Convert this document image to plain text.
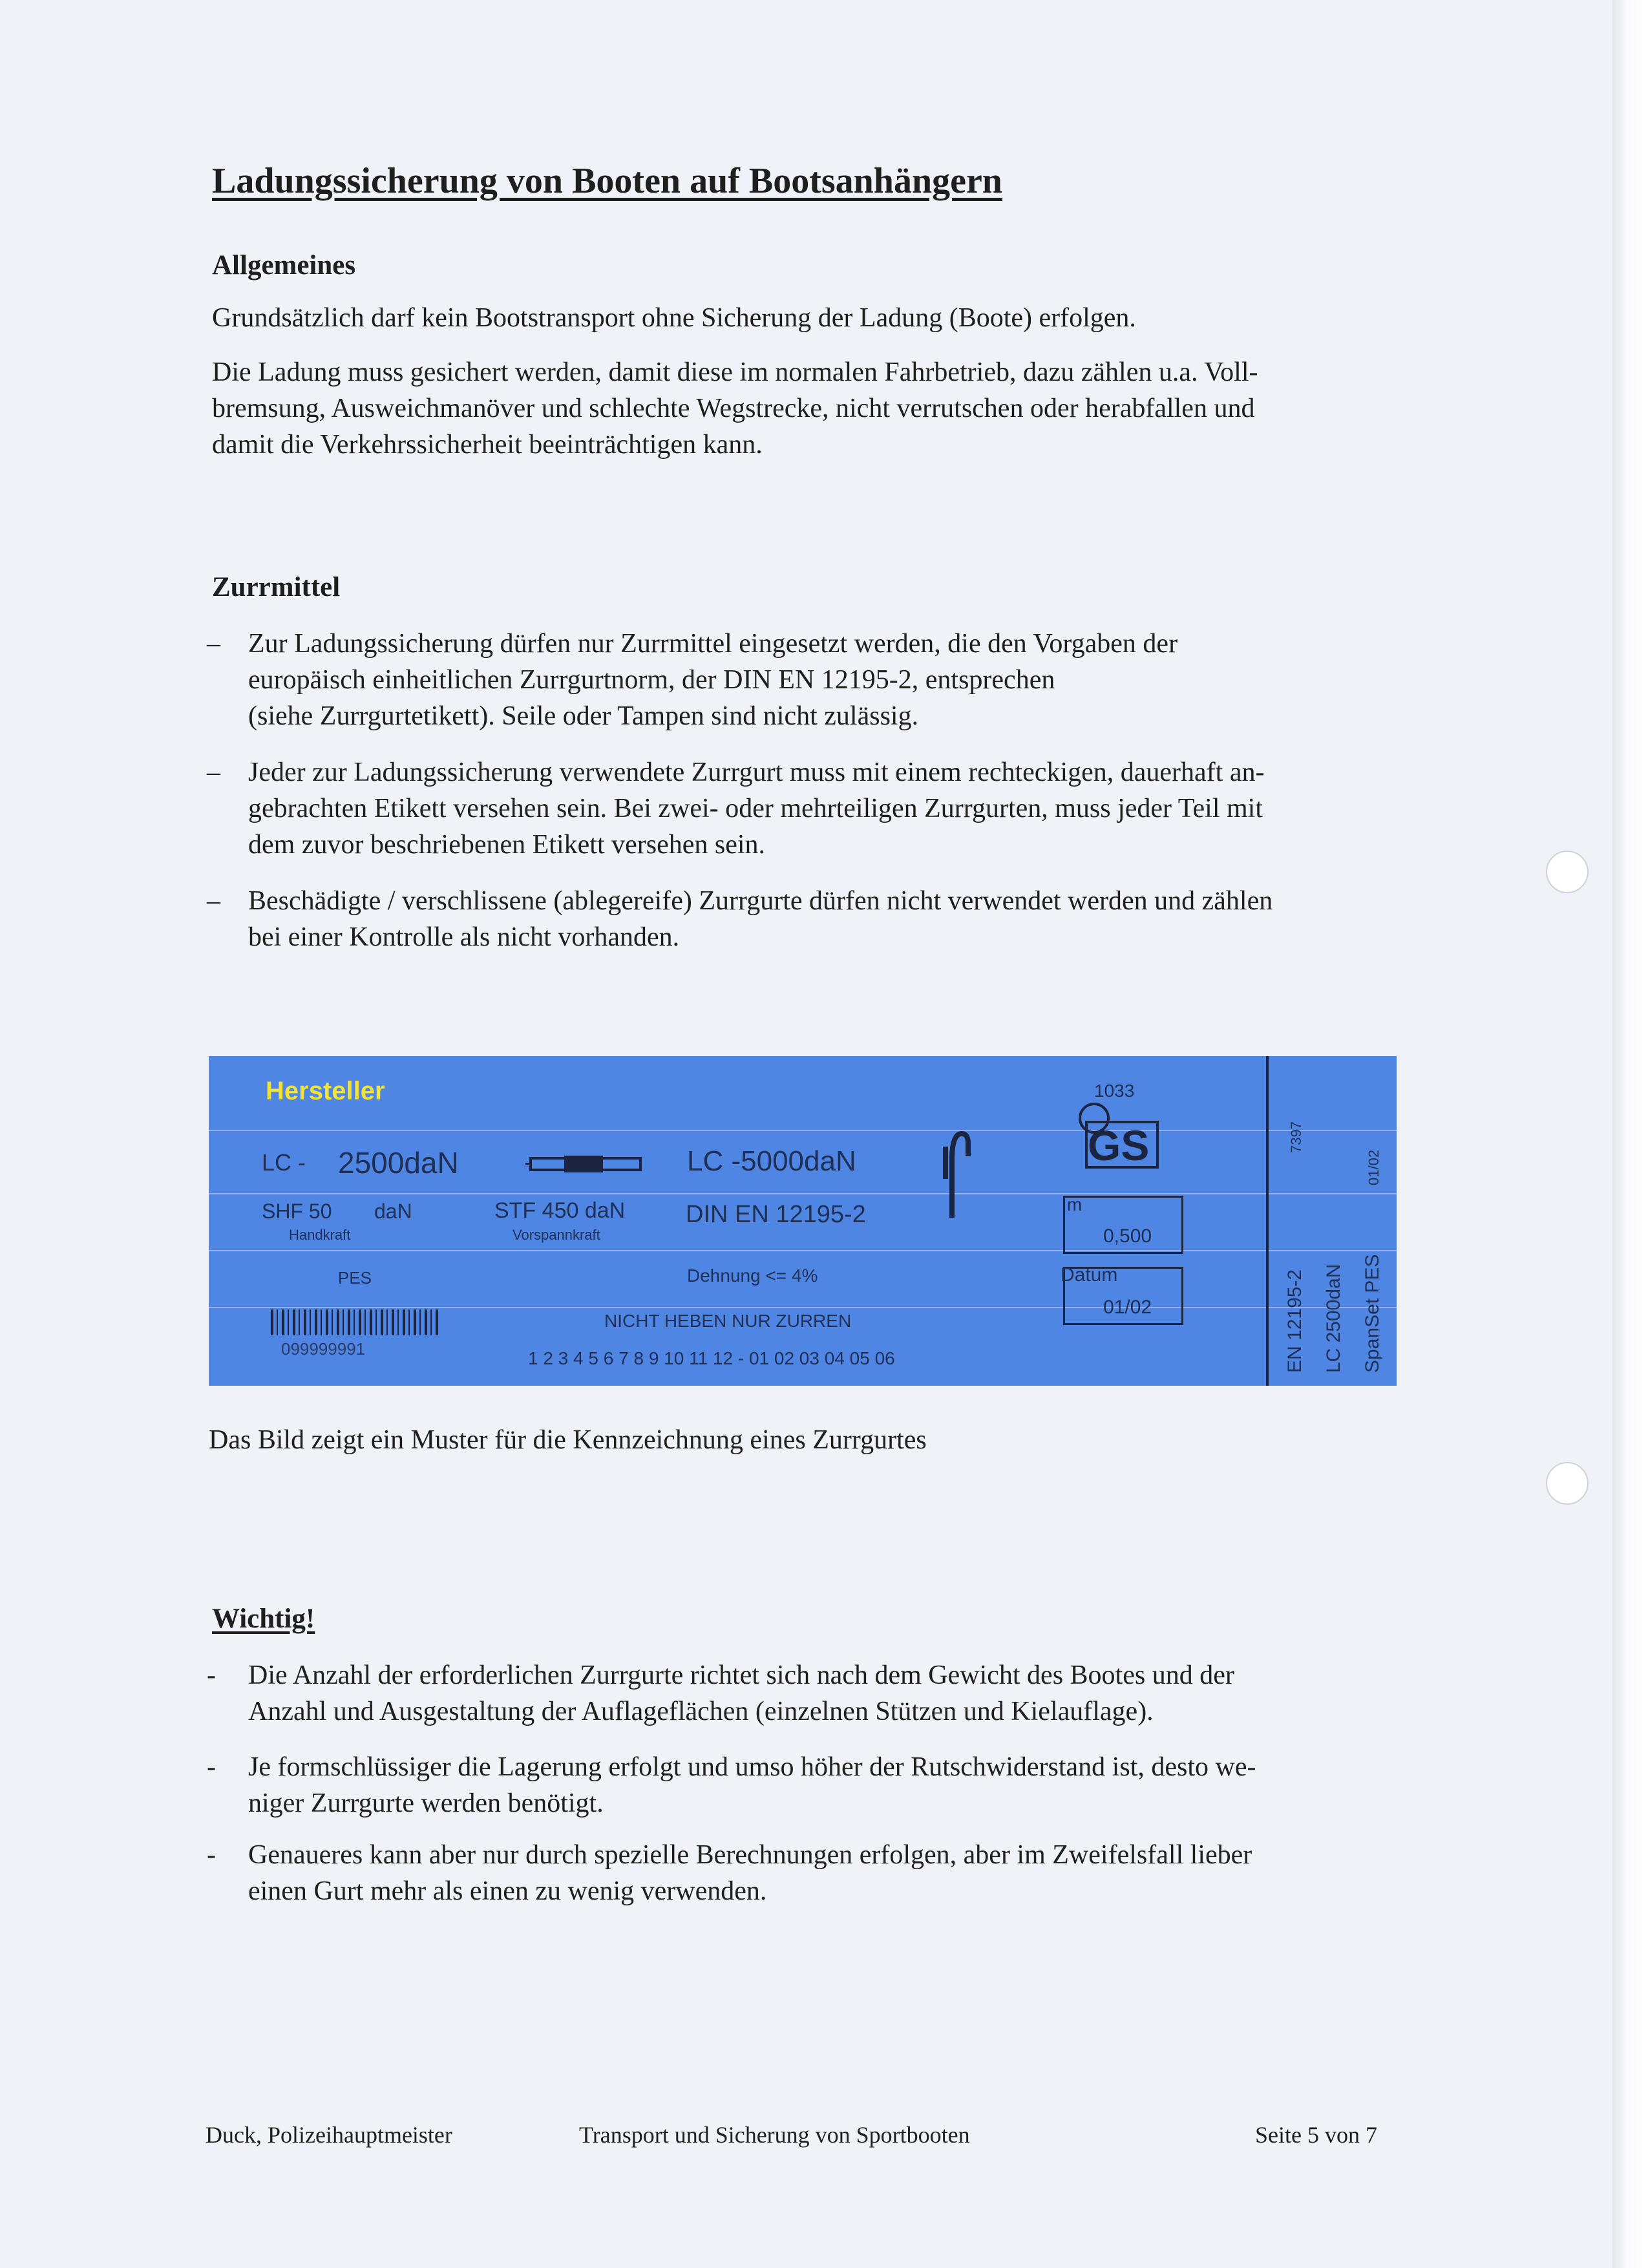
Ladungssicherung von Booten auf Bootsanhängern
Allgemeines

Grundsätzlich darf kein Bootstransport ohne Sicherung der Ladung (Boote) erfolgen.

Die Ladung muss gesichert werden, damit diese im normalen Fahrbetrieb, dazu zählen u.a. Voll-
bremsung, Ausweichmanöver und schlechte Wegstrecke, nicht verrutschen oder herabfallen und
damit die Verkehrssicherheit beeinträchtigen kann.

Zurrmittel
– Zur Ladungssicherung dürfen nur Zurrmittel eingesetzt werden, die den Vorgaben der
europäisch einheitlichen Zurrgurtnorm, der DIN EN 12195-2, entsprechen
(siehe Zurrgurtetikett). Seile oder Tampen sind nicht zulässig.
– Jeder zur Ladungssicherung verwendete Zurrgurt muss mit einem rechteckigen, dauerhaft an-
gebrachten Etikett versehen sein. Bei zwei- oder mehrteiligen Zurrgurten, muss jeder Teil mit
dem zuvor beschriebenen Etikett versehen sein.
– Beschädigte / verschlissene (ablegereife) Zurrgurte dürfen nicht verwendet werden und zählen
bei einer Kontrolle als nicht vorhanden.
Hersteller
LC - 2500daN	LC -5000daN
1033
GS
SHF 50 daN
Handkraft
STF 450 daN
Vorspannkraft
DIN EN 12195-2	m
0,500
PES	Dehnung <= 4%	Datum
01/02
099999991
NICHT HEBEN NUR ZURREN
1 2 3 4 5 6 7 8 9 10 11 12 - 01 02 03 04 05 06	EN 12195-2
7397
LC 2500daN SpanSet PES
01/02
Das Bild zeigt ein Muster für die Kennzeichnung eines Zurrgurtes
Wichtig!
- Die Anzahl der erforderlichen Zurrgurte richtet sich nach dem Gewicht des Bootes und der
Anzahl und Ausgestaltung der Auflageflächen (einzelnen Stützen und Kielauflage).
- Je formschlüssiger die Lagerung erfolgt und umso höher der Rutschwiderstand ist, desto we-
niger Zurrgurte werden benötigt.
- Genaueres kann aber nur durch spezielle Berechnungen erfolgen, aber im Zweifelsfall lieber
einen Gurt mehr als einen zu wenig verwenden.
Duck, Polizeihauptmeister	Transport und Sicherung von Sportbooten	Seite 5 von 7
